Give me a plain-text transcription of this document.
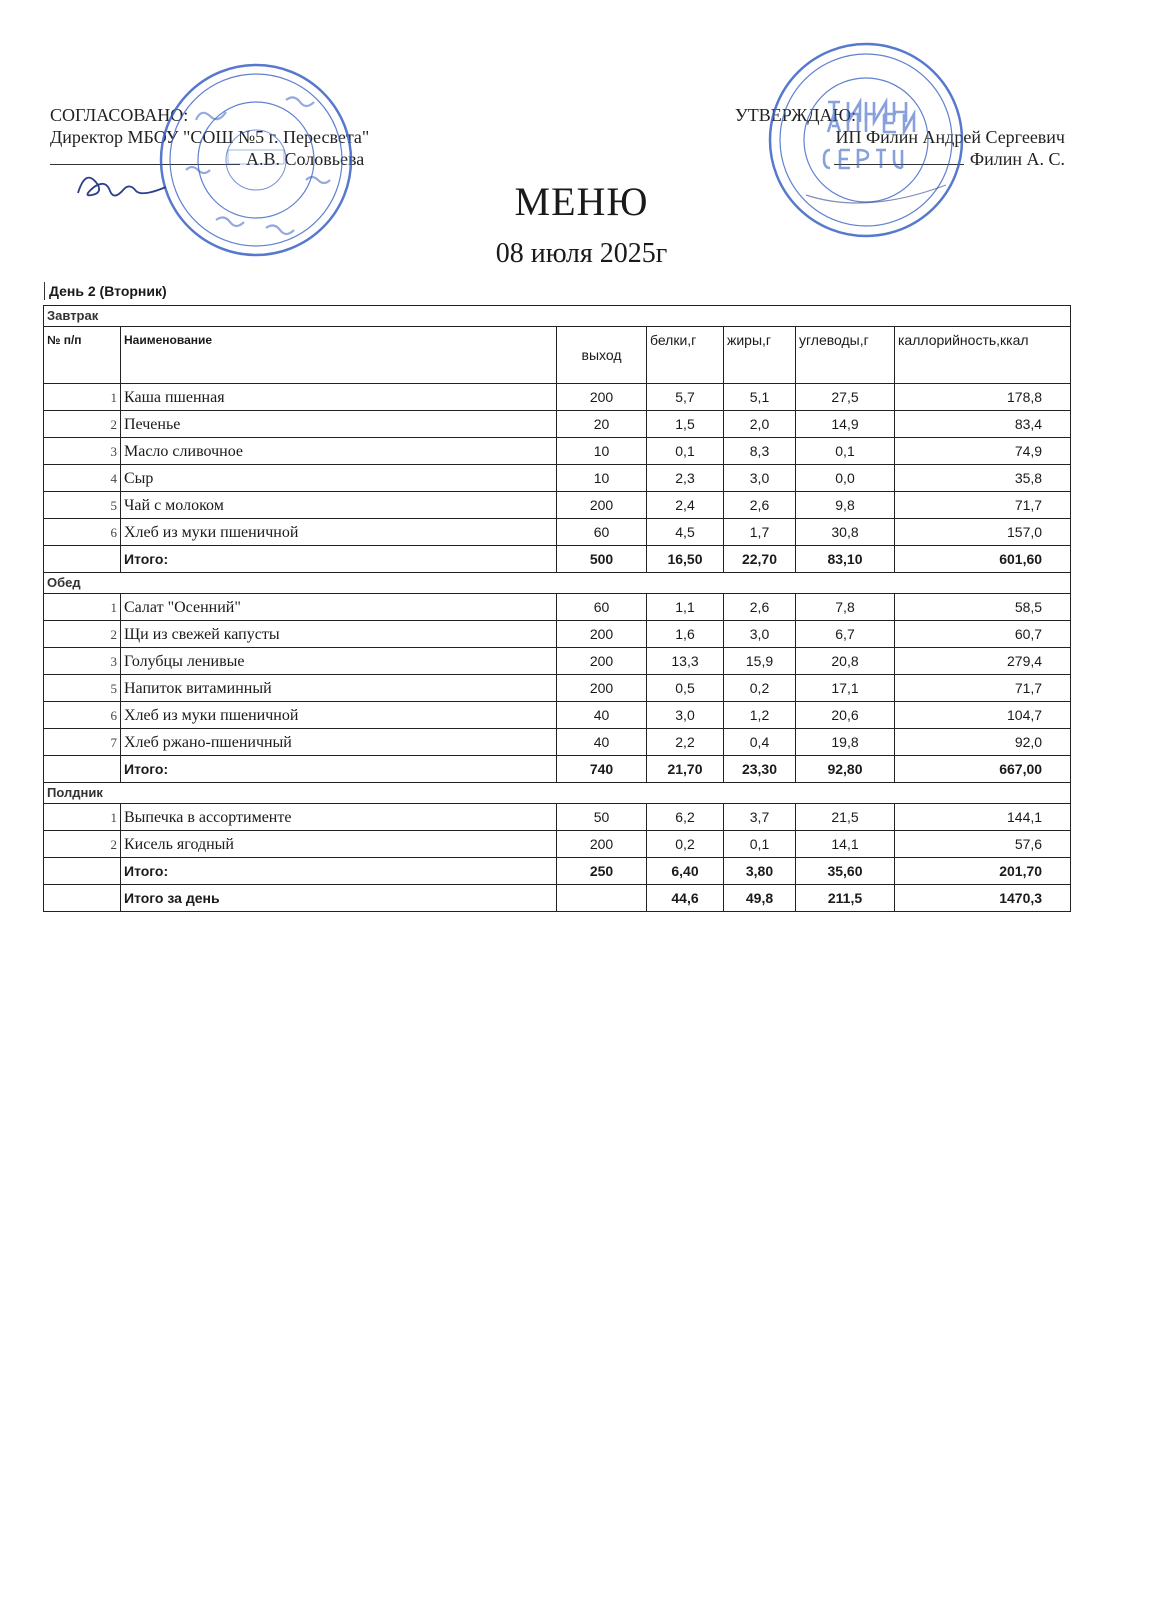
СОГЛАСОВАНО:
Директор МБОУ "СОШ №5 г. Пересвета"
А.В. Соловьева
УТВЕРЖДАЮ:
ИП Филин Андрей Сергеевич
Филин А. С.
МЕНЮ
08 июля 2025г
День 2 (Вторник)
Завтрак						
№ п/п	Наименование	выход	белки,г	жиры,г	углеводы,г	каллорийность,ккал
1	Каша пшенная	200	5,7	5,1	27,5	178,8
2	Печенье	20	1,5	2,0	14,9	83,4
3	Масло сливочное	10	0,1	8,3	0,1	74,9
4	Сыр	10	2,3	3,0	0,0	35,8
5	Чай с молоком	200	2,4	2,6	9,8	71,7
6	Хлеб из муки пшеничной	60	4,5	1,7	30,8	157,0
	Итого:	500	16,50	22,70	83,10	601,60
Обед						
1	Салат "Осенний"	60	1,1	2,6	7,8	58,5
2	Щи из свежей капусты	200	1,6	3,0	6,7	60,7
3	Голубцы ленивые	200	13,3	15,9	20,8	279,4
5	Напиток витаминный	200	0,5	0,2	17,1	71,7
6	Хлеб из муки пшеничной	40	3,0	1,2	20,6	104,7
7	Хлеб ржано-пшеничный	40	2,2	0,4	19,8	92,0
	Итого:	740	21,70	23,30	92,80	667,00
Полдник						
1	Выпечка в ассортименте	50	6,2	3,7	21,5	144,1
2	Кисель ягодный	200	0,2	0,1	14,1	57,6
	Итого:	250	6,40	3,80	35,60	201,70
	Итого за день		44,6	49,8	211,5	1470,3
